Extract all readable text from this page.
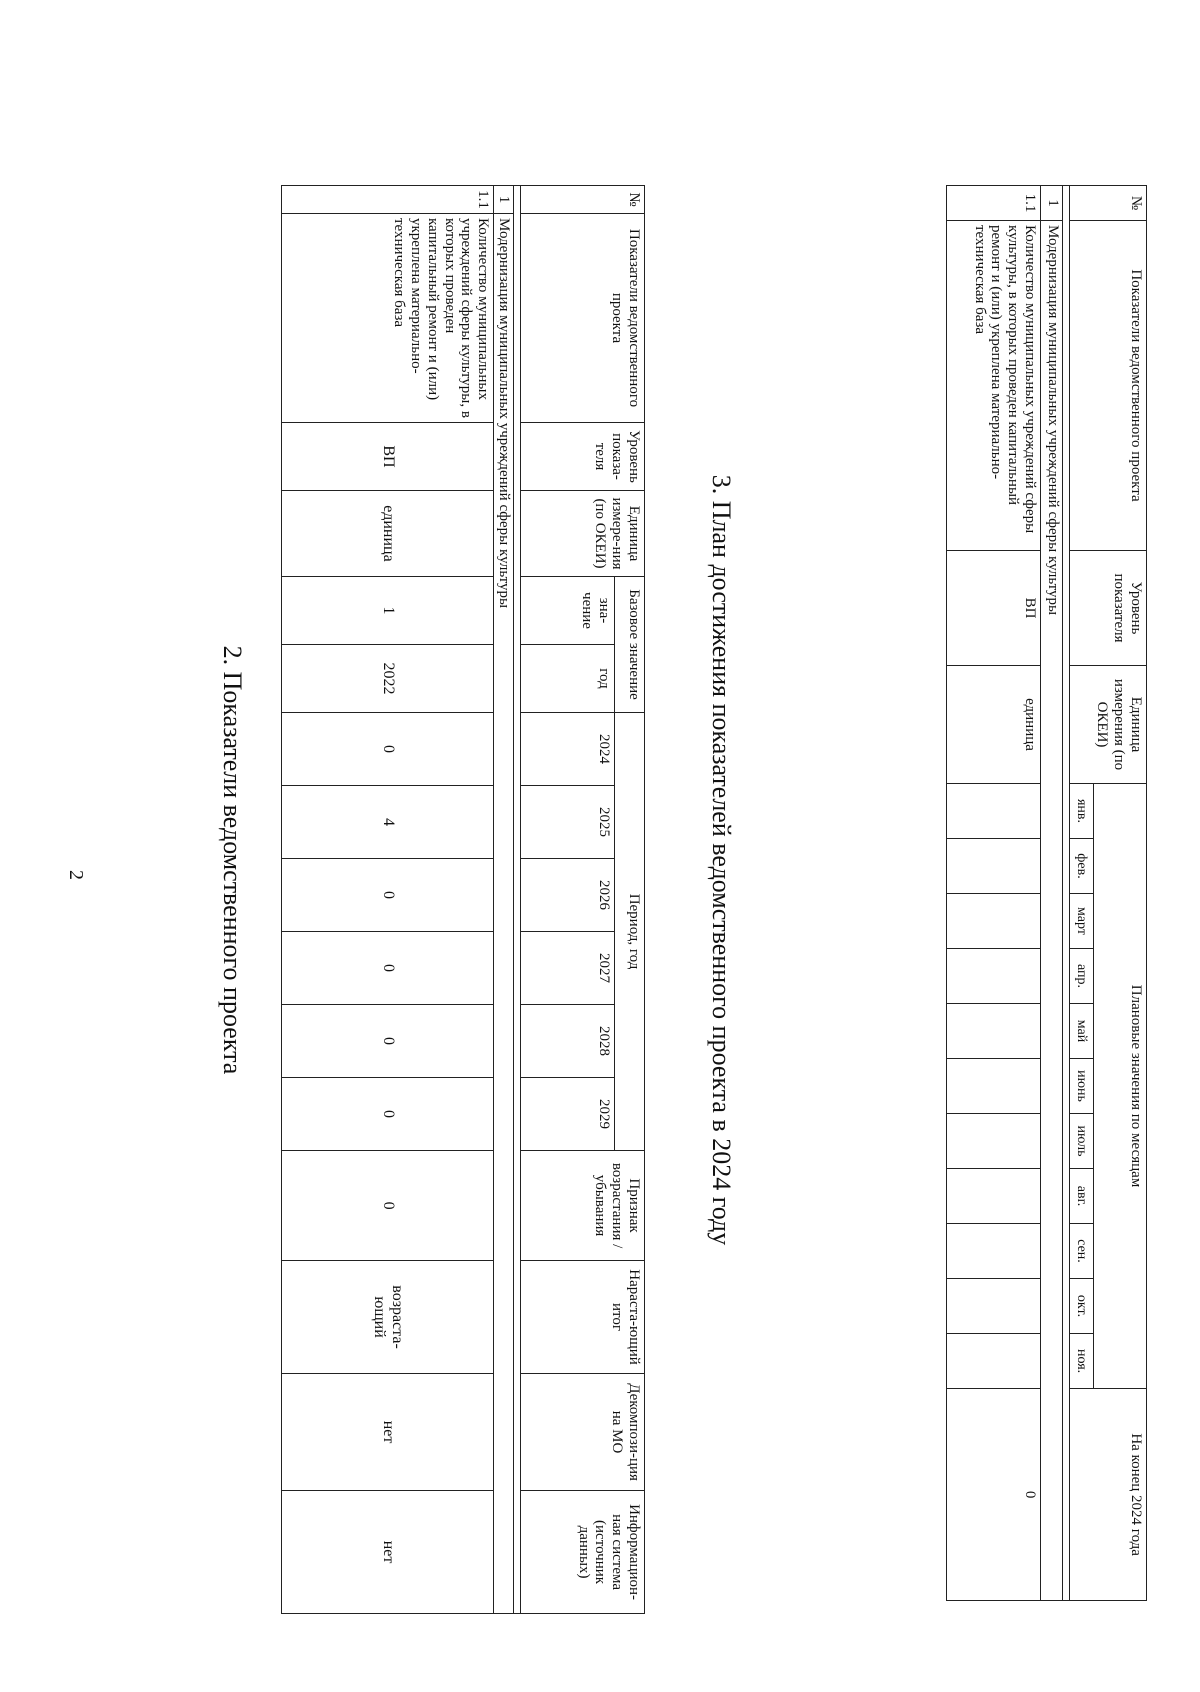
2	2. Показатели ведомственного проекта
№	Показатели ведомственного проекта	Уровень показа-теля	Единица измере-ния (по ОКЕИ)	Базовое значение		Период, год						Признак возрастания /убывания	Нараста-ющий итог	Декомпози-ция на МО	Информацион-ная система (источник данных)
				зна-чение	год	2024	2025	2026	2027	2028	2029				

1	Модернизация муниципальных учреждений сферы культуры														
1.1	Количество муниципальных учреждений сферы культуры, в которых проведен капитальный ремонт и (или) укреплена материально-техническая база	ВП	единица	1	2022	0	4	0	0	0	0	0	возраста-ющий	нет	нет
3. План достижения показателей ведомственного проекта в 2024 году
№	Показатели ведомственного проекта	Уровень показателя	Единица измерения (по ОКЕИ)	Плановые значения по месяцам											На конец 2024 года
				янв.	фев.	март	апр.	май	июнь	июль	авг.	сен.	окт.	ноя.	

1	Модернизация муниципальных учреждений сферы культуры														
1.1	Количество муниципальных учреждений сферы культуры, в которых проведен капитальный ремонт и (или) укреплена материально-техническая база	ВП	единица												0
